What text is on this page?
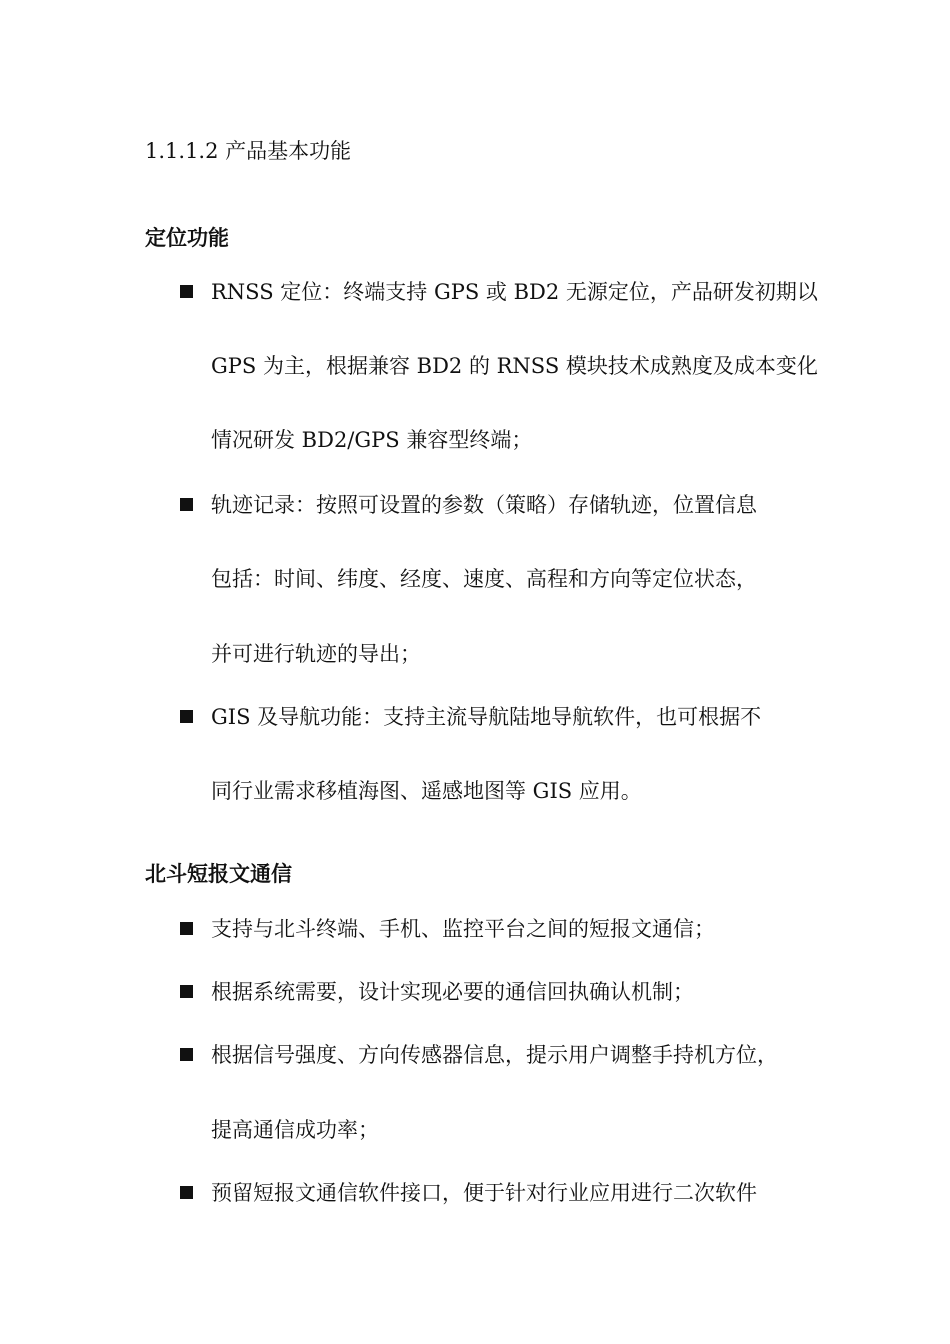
1.1.1.2 产品基本功能
定位功能
RNSS 定位：终端支持 GPS 或 BD2 无源定位，产品研发初期以
GPS 为主，根据兼容 BD2 的 RNSS 模块技术成熟度及成本变化
情况研发 BD2/GPS 兼容型终端；
轨迹记录：按照可设置的参数（策略）存储轨迹，位置信息
包括：时间、纬度、经度、速度、高程和方向等定位状态，
并可进行轨迹的导出；
GIS 及导航功能：支持主流导航陆地导航软件，也可根据不
同行业需求移植海图、遥感地图等 GIS 应用。
北斗短报文通信
支持与北斗终端、手机、监控平台之间的短报文通信；
根据系统需要，设计实现必要的通信回执确认机制；
根据信号强度、方向传感器信息，提示用户调整手持机方位，
提高通信成功率；
预留短报文通信软件接口，便于针对行业应用进行二次软件
